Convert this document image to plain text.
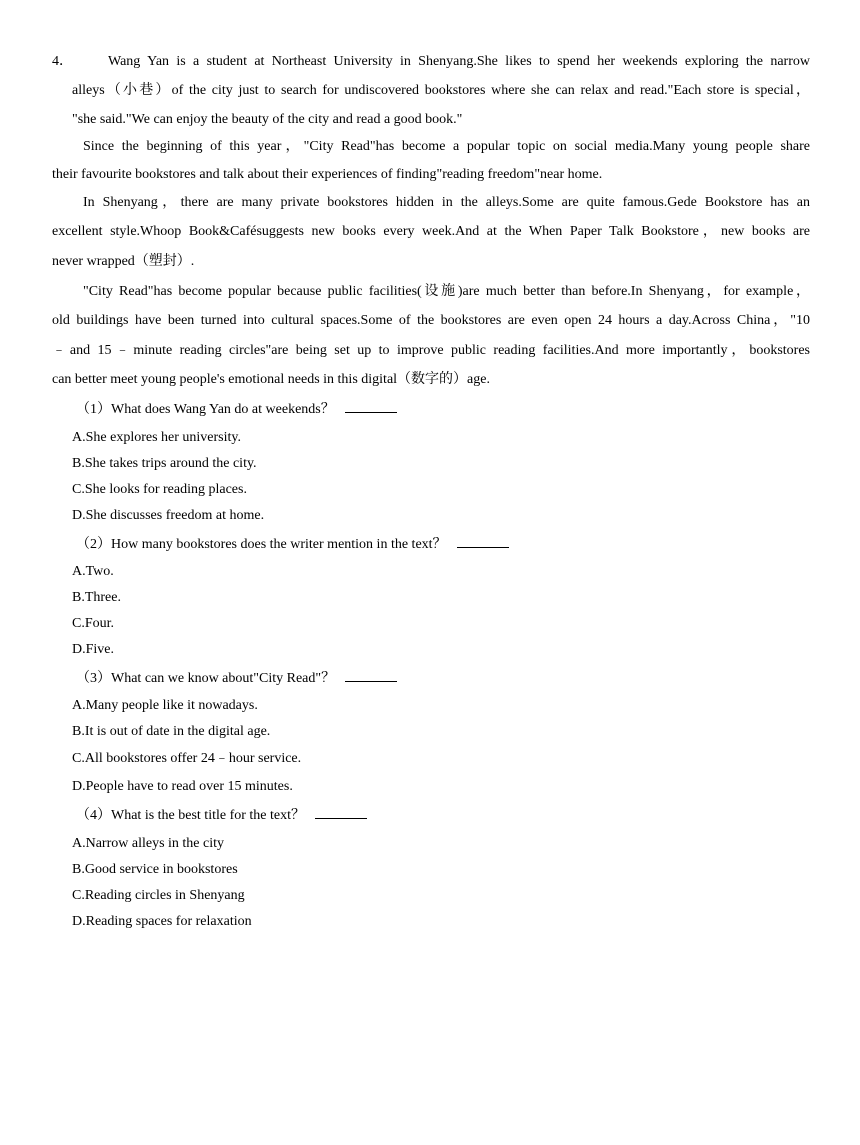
4．	Wang Yan is a student at Northeast University in Shenyang.She likes to spend her weekends exploring the narrow
alleys（小巷）of the city just to search for undiscovered bookstores where she can relax and read."Each store is special，
"she said."We can enjoy the beauty of the city and read a good book."
Since the beginning of this year，"City Read"has become a popular topic on social media.Many young people share
their favourite bookstores and talk about their experiences of finding"reading freedom"near home.
In Shenyang，there are many private bookstores hidden in the alleys.Some are quite famous.Gede Bookstore has an
excellent style.Whoop Book&Cafésuggests new books every week.And at the When Paper Talk Bookstore，new books are
never wrapped（塑封）.
"City Read"has become popular because public facilities(设施)are much better than before.In Shenyang，for example，
old buildings have been turned into cultural spaces.Some of the bookstores are even open 24 hours a day.Across China，"10
﹣and 15﹣minute reading circles"are being set up to improve public reading facilities.And more importantly，bookstores
can better meet young people's emotional needs in this digital（数字的）age.
（1）What does Wang Yan do at weekends？
A.She explores her university.
B.She takes trips around the city.
C.She looks for reading places.
D.She discusses freedom at home.
（2）How many bookstores does the writer mention in the text？
A.Two.
B.Three.
C.Four.
D.Five.
（3）What can we know about"City Read"？
A.Many people like it nowadays.
B.It is out of date in the digital age.
C.All bookstores offer 24﹣hour service.
D.People have to read over 15 minutes.
（4）What is the best title for the text？
A.Narrow alleys in the city
B.Good service in bookstores
C.Reading circles in Shenyang
D.Reading spaces for relaxation
